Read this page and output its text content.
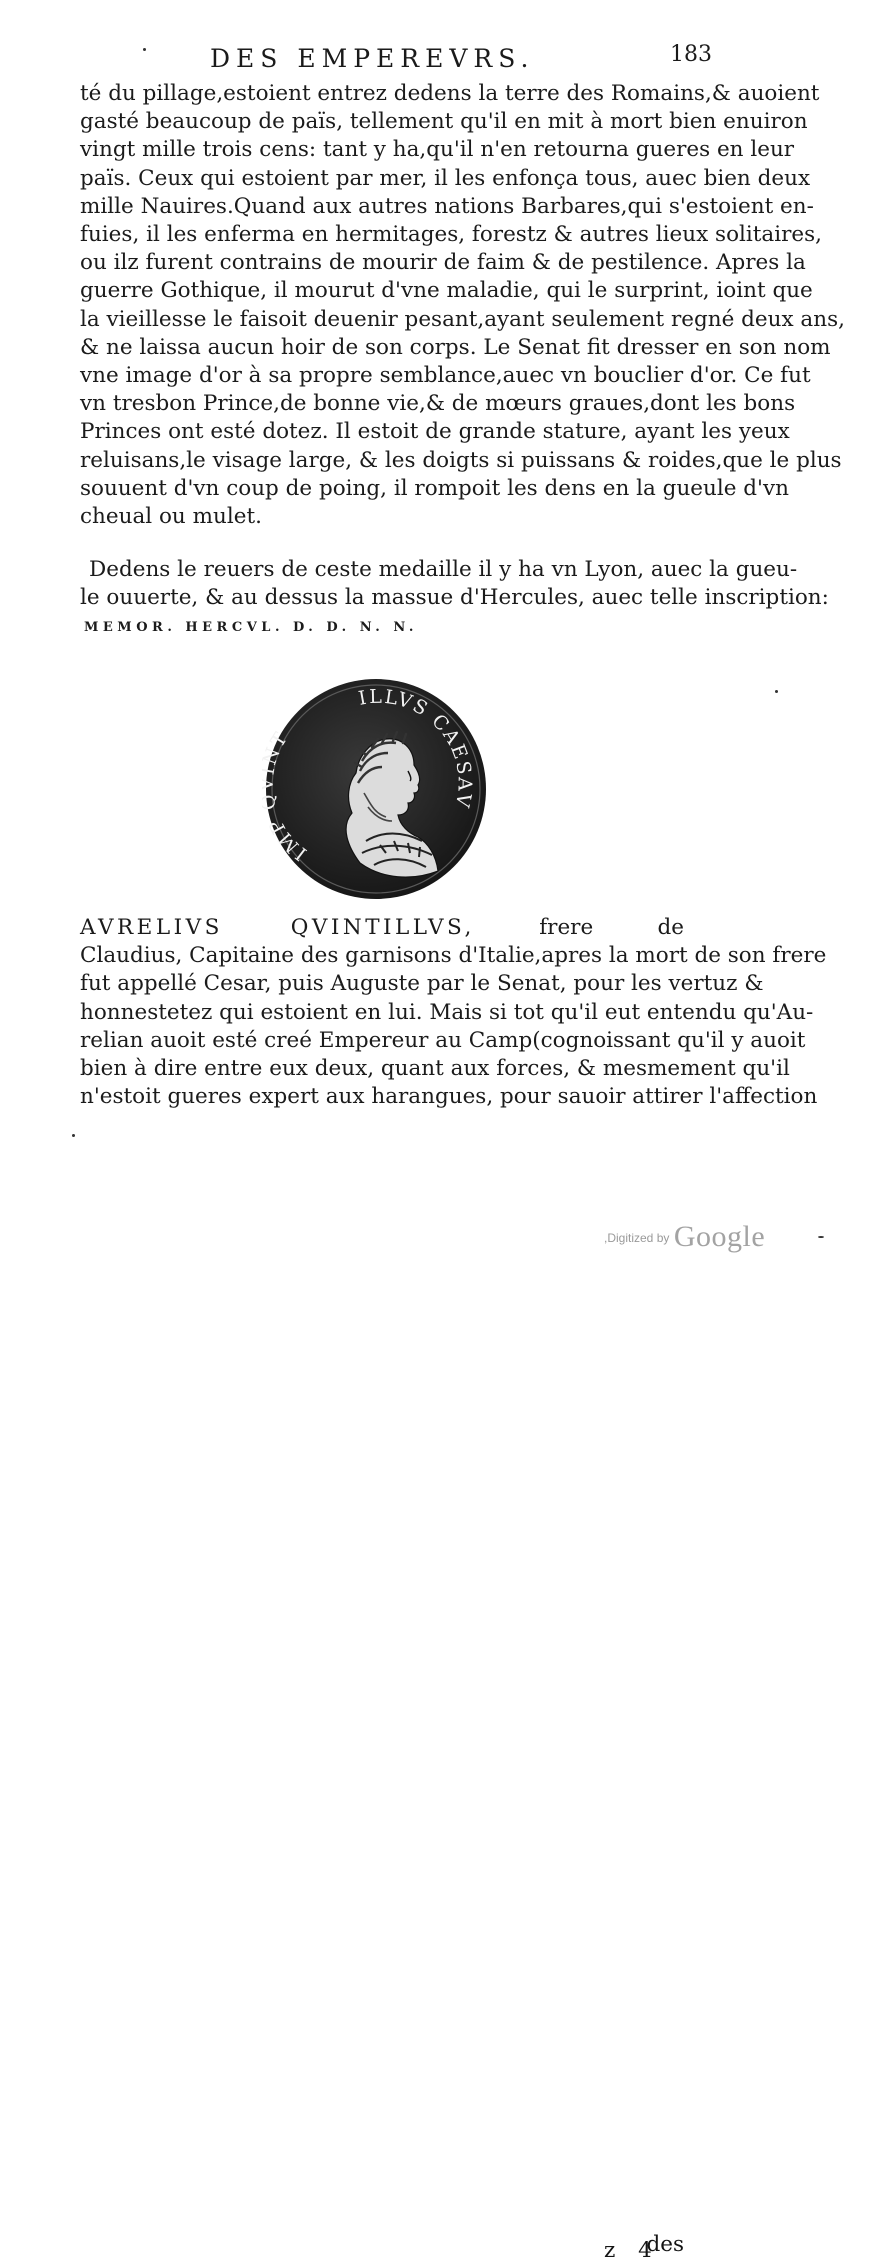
DES EMPEREVRS.	183
té du pillage,estoient entrez dedens la terre des Romains,& auoient
gasté beaucoup de païs, tellement qu'il en mit à mort bien enuiron
vingt mille trois cens: tant y ha,qu'il n'en retourna gueres en leur
païs. Ceux qui estoient par mer, il les enfonça tous, auec bien deux
mille Nauires.Quand aux autres nations Barbares,qui s'estoient en-
fuies, il les enferma en hermitages, forestz & autres lieux solitaires,
ou ilz furent contrains de mourir de faim & de pestilence. Apres la
guerre Gothique, il mourut d'vne maladie, qui le surprint, ioint que
la vieillesse le faisoit deuenir pesant,ayant seulement regné deux ans,
& ne laissa aucun hoir de son corps. Le Senat fit dresser en son nom
vne image d'or à sa propre semblance,auec vn bouclier d'or. Ce fut
vn tresbon Prince,de bonne vie,& de mœurs graues,dont les bons
Princes ont esté dotez. Il estoit de grande stature, ayant les yeux
reluisans,le visage large, & les doigts si puissans & roides,que le plus
souuent d'vn coup de poing, il rompoit les dens en la gueule d'vn
cheual ou mulet.
Dedens le reuers de ceste medaille il y ha vn Lyon, auec la gueu-
le ouuerte, & au dessus la massue d'Hercules, auec telle inscription:
MEMOR. HERCVL. D. D. N. N.
IMP T
ILLVS CAESAV
AVRELIVS QVINTILLVS, frere de
Claudius, Capitaine des garnisons d'Italie,apres la mort de son frere
fut appellé Cesar, puis Auguste par le Senat, pour les vertuz &
honnestetez qui estoient en lui. Mais si tot qu'il eut entendu qu'Au-
relian auoit esté creé Empereur au Camp(cognoissant qu'il y auoit
bien à dire entre eux deux, quant aux forces, & mesmement qu'il
n'estoit gueres expert aux harangues, pour sauoir attirer l'affection
z 4
des
$^{,Digitized by}$ Google
